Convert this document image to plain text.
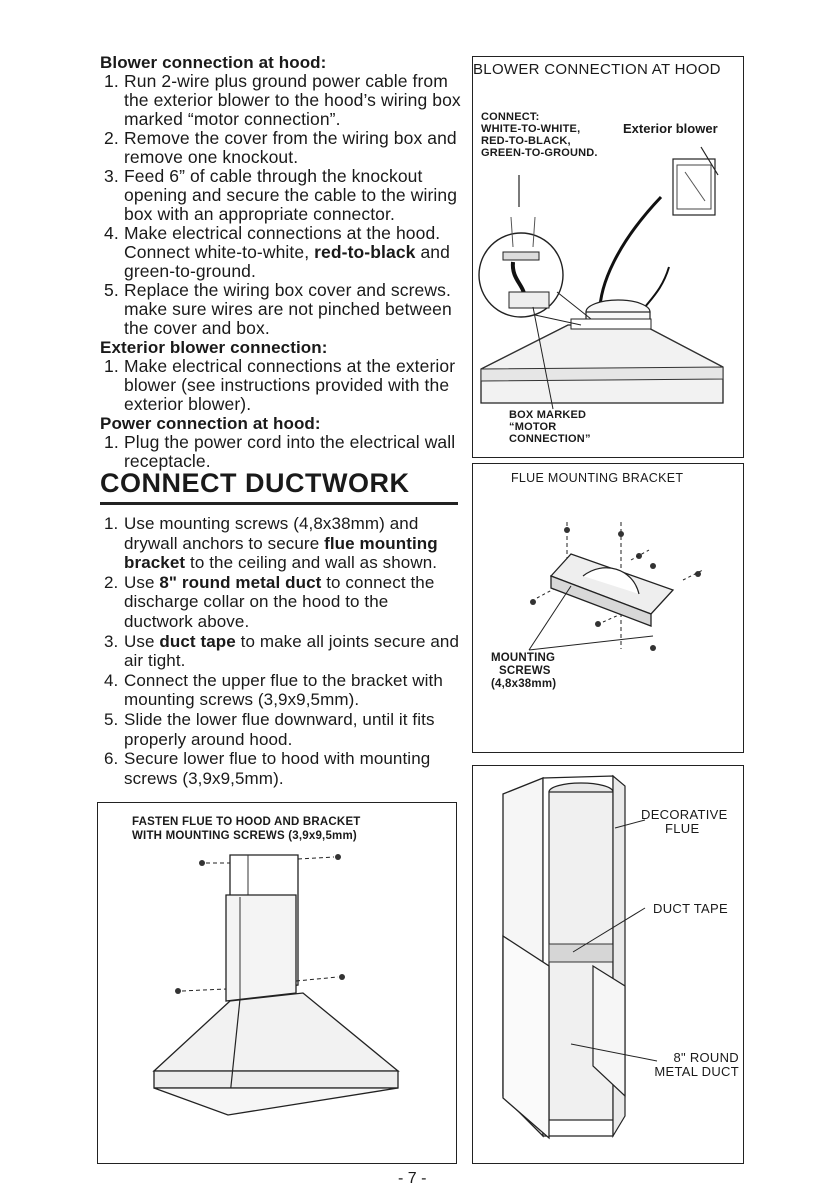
Blower connection at hood:
1. Run 2-wire plus ground power cable from the exterior blower to the hood’s wiring box marked “motor connection”.
2. Remove the cover from the wiring box and remove one knockout.
3. Feed 6” of cable through the knockout opening and secure the cable to the wiring box with an appropriate connector.
4. Make electrical connections at the hood. Connect white-to-white, red-to-black and green-to-ground.
5. Replace the wiring box cover and screws. make sure wires are not pinched between the cover and box.
Exterior blower connection:
1. Make electrical connections at the exterior blower (see instructions provided with the exterior blower).
Power connection at hood:
1. Plug the power cord into the electrical wall receptacle.
CONNECT DUCTWORK
1. Use mounting screws (4,8x38mm) and drywall anchors to secure flue mounting bracket to the ceiling and wall as shown.
2. Use 8" round metal duct to connect the discharge collar on the hood to the ductwork above.
3. Use duct tape to make all joints secure and air tight.
4. Connect the upper flue to the bracket with mounting screws (3,9x9,5mm).
5. Slide the lower flue downward, until it fits properly around hood.
6. Secure lower flue to hood with mounting screws (3,9x9,5mm).
BLOWER CONNECTION AT HOOD
CONNECT:
WHITE-TO-WHITE,
RED-TO-BLACK,
GREEN-TO-GROUND.
Exterior blower
BOX MARKED
“MOTOR
CONNECTION”
FLUE MOUNTING BRACKET
MOUNTING
SCREWS
(4,8x38mm)
FASTEN FLUE TO HOOD AND BRACKET
WITH MOUNTING SCREWS (3,9x9,5mm)
DECORATIVE
FLUE
DUCT TAPE
8" ROUND
METAL DUCT
- 7 -
